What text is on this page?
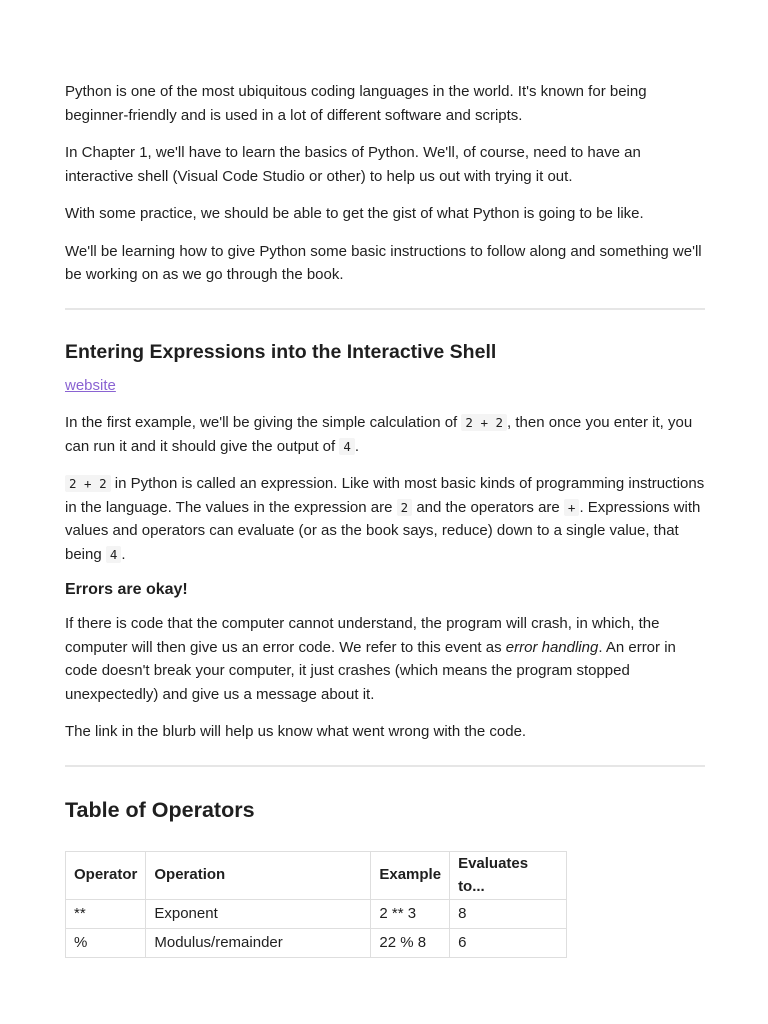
Python is one of the most ubiquitous coding languages in the world. It's known for being beginner-friendly and is used in a lot of different software and scripts.

In Chapter 1, we'll have to learn the basics of Python. We'll, of course, need to have an interactive shell (Visual Code Studio or other) to help us out with trying it out.

With some practice, we should be able to get the gist of what Python is going to be like.

We'll be learning how to give Python some basic instructions to follow along and something we'll be working on as we go through the book.

Entering Expressions into the Interactive Shell
website

In the first example, we'll be giving the simple calculation of 2 + 2 , then once you enter it, you can run it and it should give the output of 4 .

2 + 2 in Python is called an expression. Like with most basic kinds of programming instructions in the language. The values in the expression are 2 and the operators are + . Expressions with values and operators can evaluate (or as the book says, reduce) down to a single value, that being 4 .

Errors are okay!

If there is code that the computer cannot understand, the program will crash, in which, the computer will then give us an error code. We refer to this event as error handling. An error in code doesn't break your computer, it just crashes (which means the program stopped unexpectedly) and give us a message about it.

The link in the blurb will help us know what went wrong with the code.

Table of Operators
Operator	Operation	Example	Evaluates to...
**	Exponent	2 ** 3	8
%	Modulus/remainder	22 % 8	6
